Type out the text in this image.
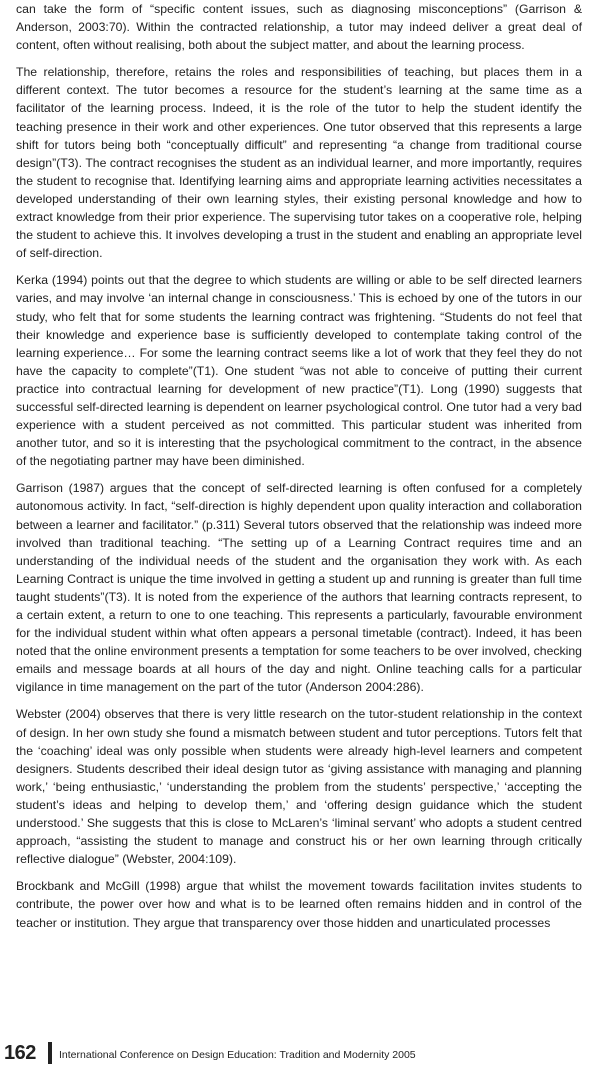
can take the form of “specific content issues, such as diagnosing misconceptions” (Garrison & Anderson, 2003:70). Within the contracted relationship, a tutor may indeed deliver a great deal of content, often without realising, both about the subject matter, and about the learning process.

The relationship, therefore, retains the roles and responsibilities of teaching, but places them in a different context. The tutor becomes a resource for the student’s learning at the same time as a facilitator of the learning process. Indeed, it is the role of the tutor to help the student identify the teaching presence in their work and other experiences. One tutor observed that this represents a large shift for tutors being both “conceptually difficult” and representing “a change from traditional course design”(T3). The contract recognises the student as an individual learner, and more importantly, requires the student to recognise that. Identifying learning aims and appropriate learning activities necessitates a developed understanding of their own learning styles, their existing personal knowledge and how to extract knowledge from their prior experience. The supervising tutor takes on a cooperative role, helping the student to achieve this. It involves developing a trust in the student and enabling an appropriate level of self-direction.

Kerka (1994) points out that the degree to which students are willing or able to be self directed learners varies, and may involve ‘an internal change in consciousness.’ This is echoed by one of the tutors in our study, who felt that for some students the learning contract was frightening. “Students do not feel that their knowledge and experience base is sufficiently developed to contemplate taking control of the learning experience… For some the learning contract seems like a lot of work that they feel they do not have the capacity to complete”(T1). One student “was not able to conceive of putting their current practice into contractual learning for development of new practice”(T1). Long (1990) suggests that successful self-directed learning is dependent on learner psychological control. One tutor had a very bad experience with a student perceived as not committed. This particular student was inherited from another tutor, and so it is interesting that the psychological commitment to the contract, in the absence of the negotiating partner may have been diminished.

Garrison (1987) argues that the concept of self-directed learning is often confused for a completely autonomous activity. In fact, “self-direction is highly dependent upon quality interaction and collaboration between a learner and facilitator.” (p.311) Several tutors observed that the relationship was indeed more involved than traditional teaching. “The setting up of a Learning Contract requires time and an understanding of the individual needs of the student and the organisation they work with. As each Learning Contract is unique the time involved in getting a student up and running is greater than full time taught students”(T3). It is noted from the experience of the authors that learning contracts represent, to a certain extent, a return to one to one teaching. This represents a particularly, favourable environment for the individual student within what often appears a personal timetable (contract). Indeed, it has been noted that the online environment presents a temptation for some teachers to be over involved, checking emails and message boards at all hours of the day and night. Online teaching calls for a particular vigilance in time management on the part of the tutor (Anderson 2004:286).

Webster (2004) observes that there is very little research on the tutor-student relationship in the context of design. In her own study she found a mismatch between student and tutor perceptions. Tutors felt that the ‘coaching’ ideal was only possible when students were already high-level learners and competent designers. Students described their ideal design tutor as ‘giving assistance with managing and planning work,’ ‘being enthusiastic,’ ‘understanding the problem from the students’ perspective,’ ‘accepting the student’s ideas and helping to develop them,’ and ‘offering design guidance which the student understood.’ She suggests that this is close to McLaren’s ‘liminal servant’ who adopts a student centred approach, “assisting the student to manage and construct his or her own learning through critically reflective dialogue” (Webster, 2004:109).

Brockbank and McGill (1998) argue that whilst the movement towards facilitation invites students to contribute, the power over how and what is to be learned often remains hidden and in control of the teacher or institution. They argue that transparency over those hidden and unarticulated processes

162 International Conference on Design Education: Tradition and Modernity 2005
